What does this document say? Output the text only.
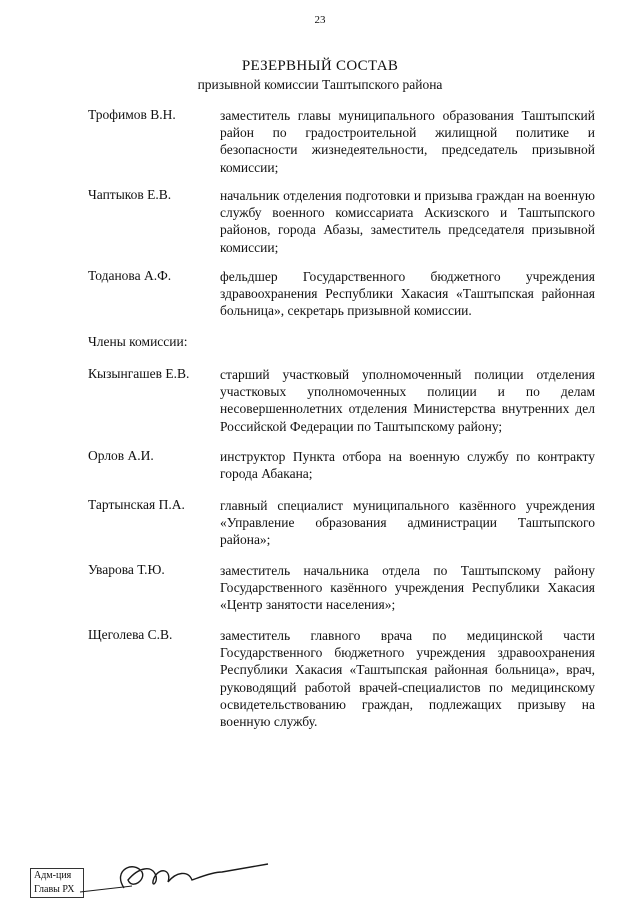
23
РЕЗЕРВНЫЙ СОСТАВ
призывной комиссии Таштыпского района
Трофимов В.Н.	заместитель главы муниципального образования Таштыпский район по градостроительной жилищной политике и безопасности жизнедеятельности, председатель призывной комиссии;
Чаптыков Е.В.	начальник отделения подготовки и призыва граждан на военную службу военного комиссариата Аскизского и Таштыпского районов, города Абазы, заместитель председателя призывной комиссии;
Тоданова А.Ф.	фельдшер Государственного бюджетного учреждения здравоохранения Республики Хакасия «Таштыпская районная больница», секретарь призывной комиссии.
Члены комиссии:
Кызынгашев Е.В. старший участковый уполномоченный полиции отделения участковых уполномоченных полиции и по делам несовершеннолетних отделения Министерства внутренних дел Российской Федерации по Таштыпскому району;
Орлов А.И.	инструктор Пункта отбора на военную службу по контракту города Абакана;
Тартынская П.А.	главный специалист муниципального казённого учреждения «Управление образования администрации Таштыпского района»;
Уварова Т.Ю.	заместитель начальника отдела по Таштыпскому району Государственного казённого учреждения Республики Хакасия «Центр занятости населения»;
Щеголева С.В.	заместитель главного врача по медицинской части Государственного бюджетного учреждения здравоохранения Республики Хакасия «Таштыпская районная больница», врач, руководящий работой врачей-специалистов по медицинскому освидетельствованию граждан, подлежащих призыву на военную службу.
Адм-ция
Главы РХ
